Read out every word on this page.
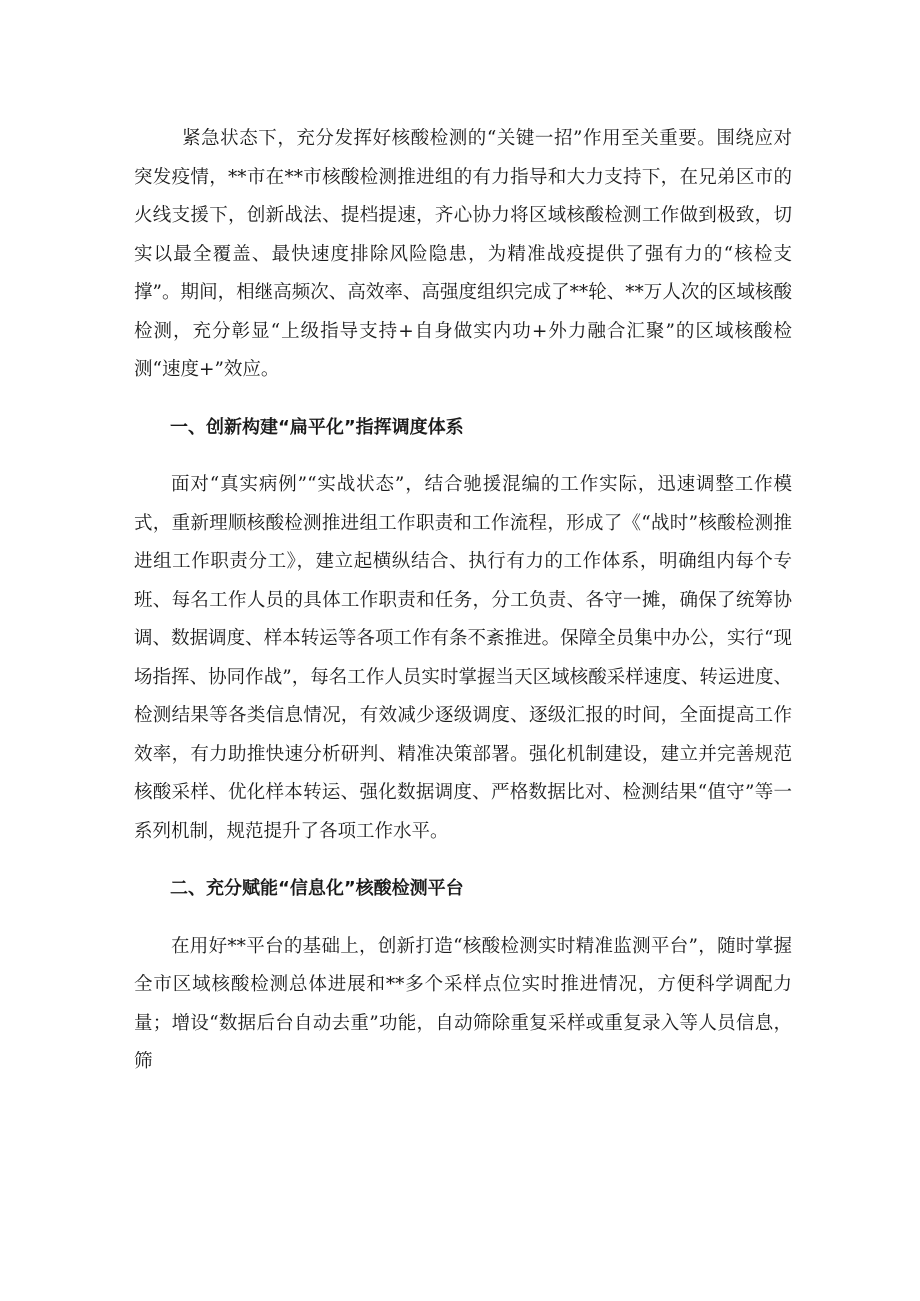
紧急状态下，充分发挥好核酸检测的“关键一招”作用至关重要。围绕应对突发疫情，**市在**市核酸检测推进组的有力指导和大力支持下，在兄弟区市的火线支援下，创新战法、提档提速，齐心协力将区域核酸检测工作做到极致，切实以最全覆盖、最快速度排除风险隐患，为精准战疫提供了强有力的“核检支撑”。期间，相继高频次、高效率、高强度组织完成了**轮、**万人次的区域核酸检测，充分彰显“上级指导支持+自身做实内功+外力融合汇聚”的区域核酸检测“速度+”效应。

一、创新构建“扁平化”指挥调度体系

面对“真实病例”“实战状态”，结合驰援混编的工作实际，迅速调整工作模式，重新理顺核酸检测推进组工作职责和工作流程，形成了《“战时”核酸检测推进组工作职责分工》，建立起横纵结合、执行有力的工作体系，明确组内每个专班、每名工作人员的具体工作职责和任务，分工负责、各守一摊，确保了统筹协调、数据调度、样本转运等各项工作有条不紊推进。保障全员集中办公，实行“现场指挥、协同作战”，每名工作人员实时掌握当天区域核酸采样速度、转运进度、检测结果等各类信息情况，有效减少逐级调度、逐级汇报的时间，全面提高工作效率，有力助推快速分析研判、精准决策部署。强化机制建设，建立并完善规范核酸采样、优化样本转运、强化数据调度、严格数据比对、检测结果“值守”等一系列机制，规范提升了各项工作水平。

二、充分赋能“信息化”核酸检测平台

在用好**平台的基础上，创新打造“核酸检测实时精准监测平台”，随时掌握全市区域核酸检测总体进展和**多个采样点位实时推进情况，方便科学调配力量；增设“数据后台自动去重”功能，自动筛除重复采样或重复录入等人员信息，筛
